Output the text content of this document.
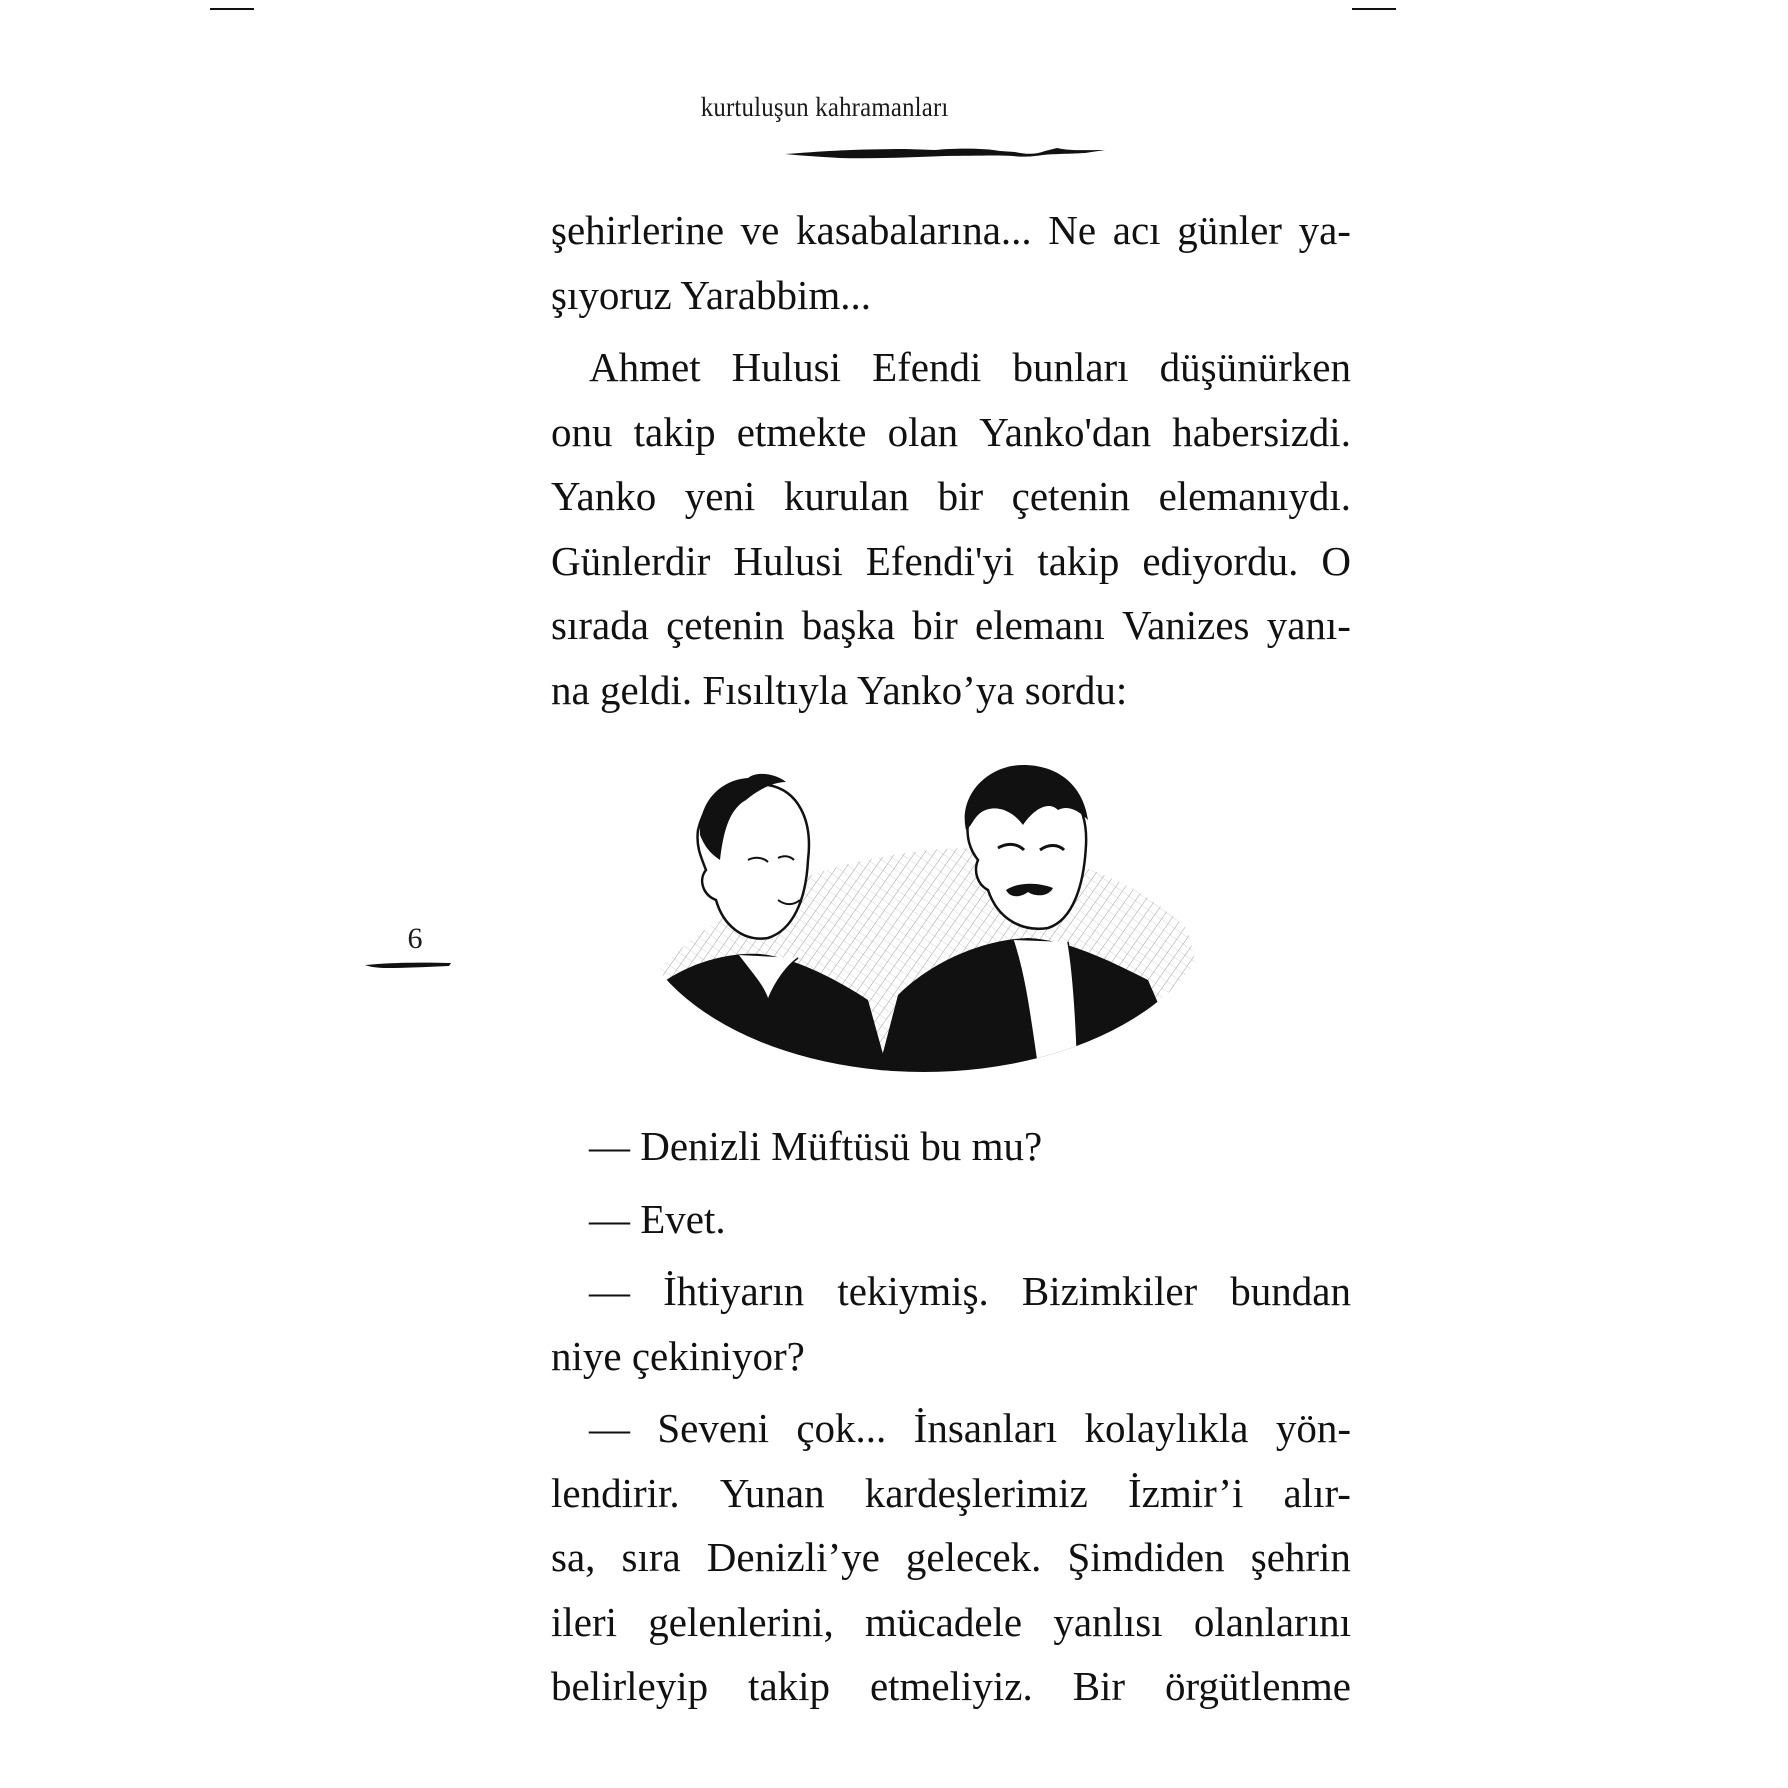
kurtuluşun kahramanları
6

şehirlerine ve kasabalarına... Ne acı günler ya-
şıyoruz Yarabbim...

Ahmet Hulusi Efendi bunları düşünürken
onu takip etmekte olan Yanko'dan habersizdi.
Yanko yeni kurulan bir çetenin elemanıydı.
Günlerdir Hulusi Efendi'yi takip ediyordu. O
sırada çetenin başka bir elemanı Vanizes yanı-
na geldi. Fısıltıyla Yanko’ya sordu:

— Denizli Müftüsü bu mu?

— Evet.

— İhtiyarın tekiymiş. Bizimkiler bundan
niye çekiniyor?

— Seveni çok... İnsanları kolaylıkla yön-
lendirir. Yunan kardeşlerimiz İzmir’i alır-
sa, sıra Denizli’ye gelecek. Şimdiden şehrin
ileri gelenlerini, mücadele yanlısı olanlarını
belirleyip takip etmeliyiz. Bir örgütlenme
